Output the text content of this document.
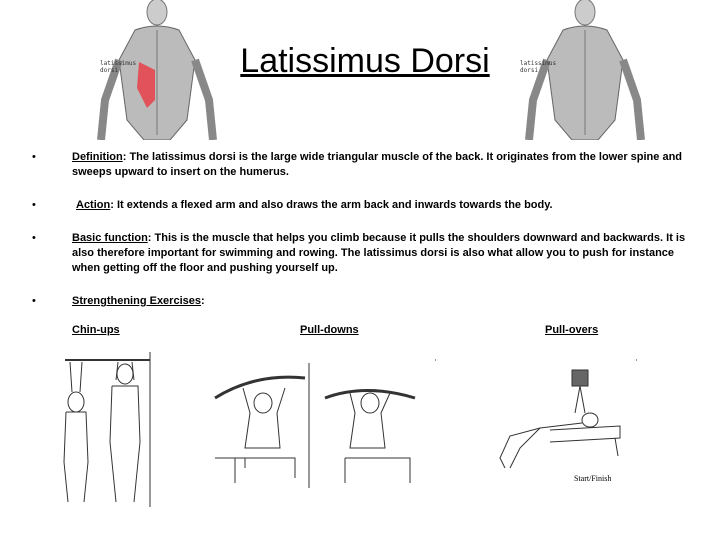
Latissimus Dorsi
latissimus dorsi
latissimus dorsi
•	Definition: The latissimus dorsi is the large wide triangular muscle of the back. It originates from the lower spine and sweeps upward to insert on the humerus.
•	Action: It extends a flexed arm and also draws the arm back and inwards towards the body.
•	Basic function: This is the muscle that helps you climb because it pulls the shoulders downward and backwards. It is also therefore important for swimming and rowing. The latissimus dorsi is also what allow you to push for instance when getting off the floor and pushing yourself up.
•	Strengthening Exercises:
Chin-ups	Pull-downs	Pull-overs
Start/Finish
